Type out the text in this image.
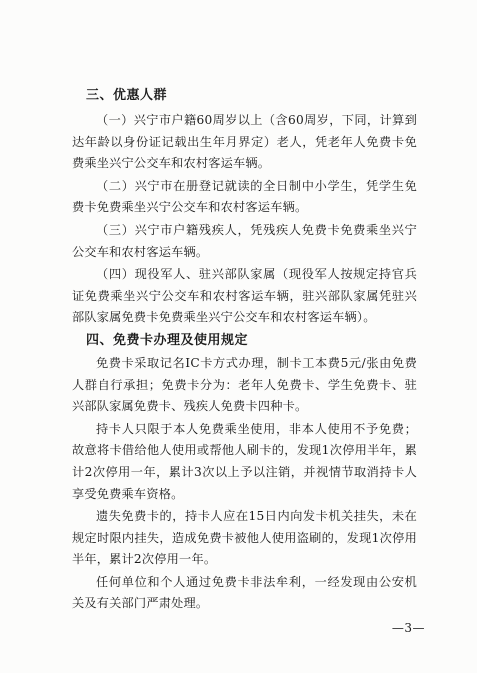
三、优惠人群

（一）兴宁市户籍60周岁以上（含60周岁，下同，计算到达年龄以身份证记载出生年月界定）老人，凭老年人免费卡免费乘坐兴宁公交车和农村客运车辆。

（二）兴宁市在册登记就读的全日制中小学生，凭学生免费卡免费乘坐兴宁公交车和农村客运车辆。

（三）兴宁市户籍残疾人，凭残疾人免费卡免费乘坐兴宁公交车和农村客运车辆。

（四）现役军人、驻兴部队家属（现役军人按规定持官兵证免费乘坐兴宁公交车和农村客运车辆，驻兴部队家属凭驻兴部队家属免费卡免费乘坐兴宁公交车和农村客运车辆）。

四、免费卡办理及使用规定

免费卡采取记名IC卡方式办理，制卡工本费5元/张由免费人群自行承担；免费卡分为：老年人免费卡、学生免费卡、驻兴部队家属免费卡、残疾人免费卡四种卡。

持卡人只限于本人免费乘坐使用，非本人使用不予免费；故意将卡借给他人使用或帮他人刷卡的，发现1次停用半年，累计2次停用一年，累计3次以上予以注销，并视情节取消持卡人享受免费乘车资格。

遗失免费卡的，持卡人应在15日内向发卡机关挂失，未在规定时限内挂失，造成免费卡被他人使用盗刷的，发现1次停用半年，累计2次停用一年。

任何单位和个人通过免费卡非法牟利，一经发现由公安机关及有关部门严肃处理。

—3—
